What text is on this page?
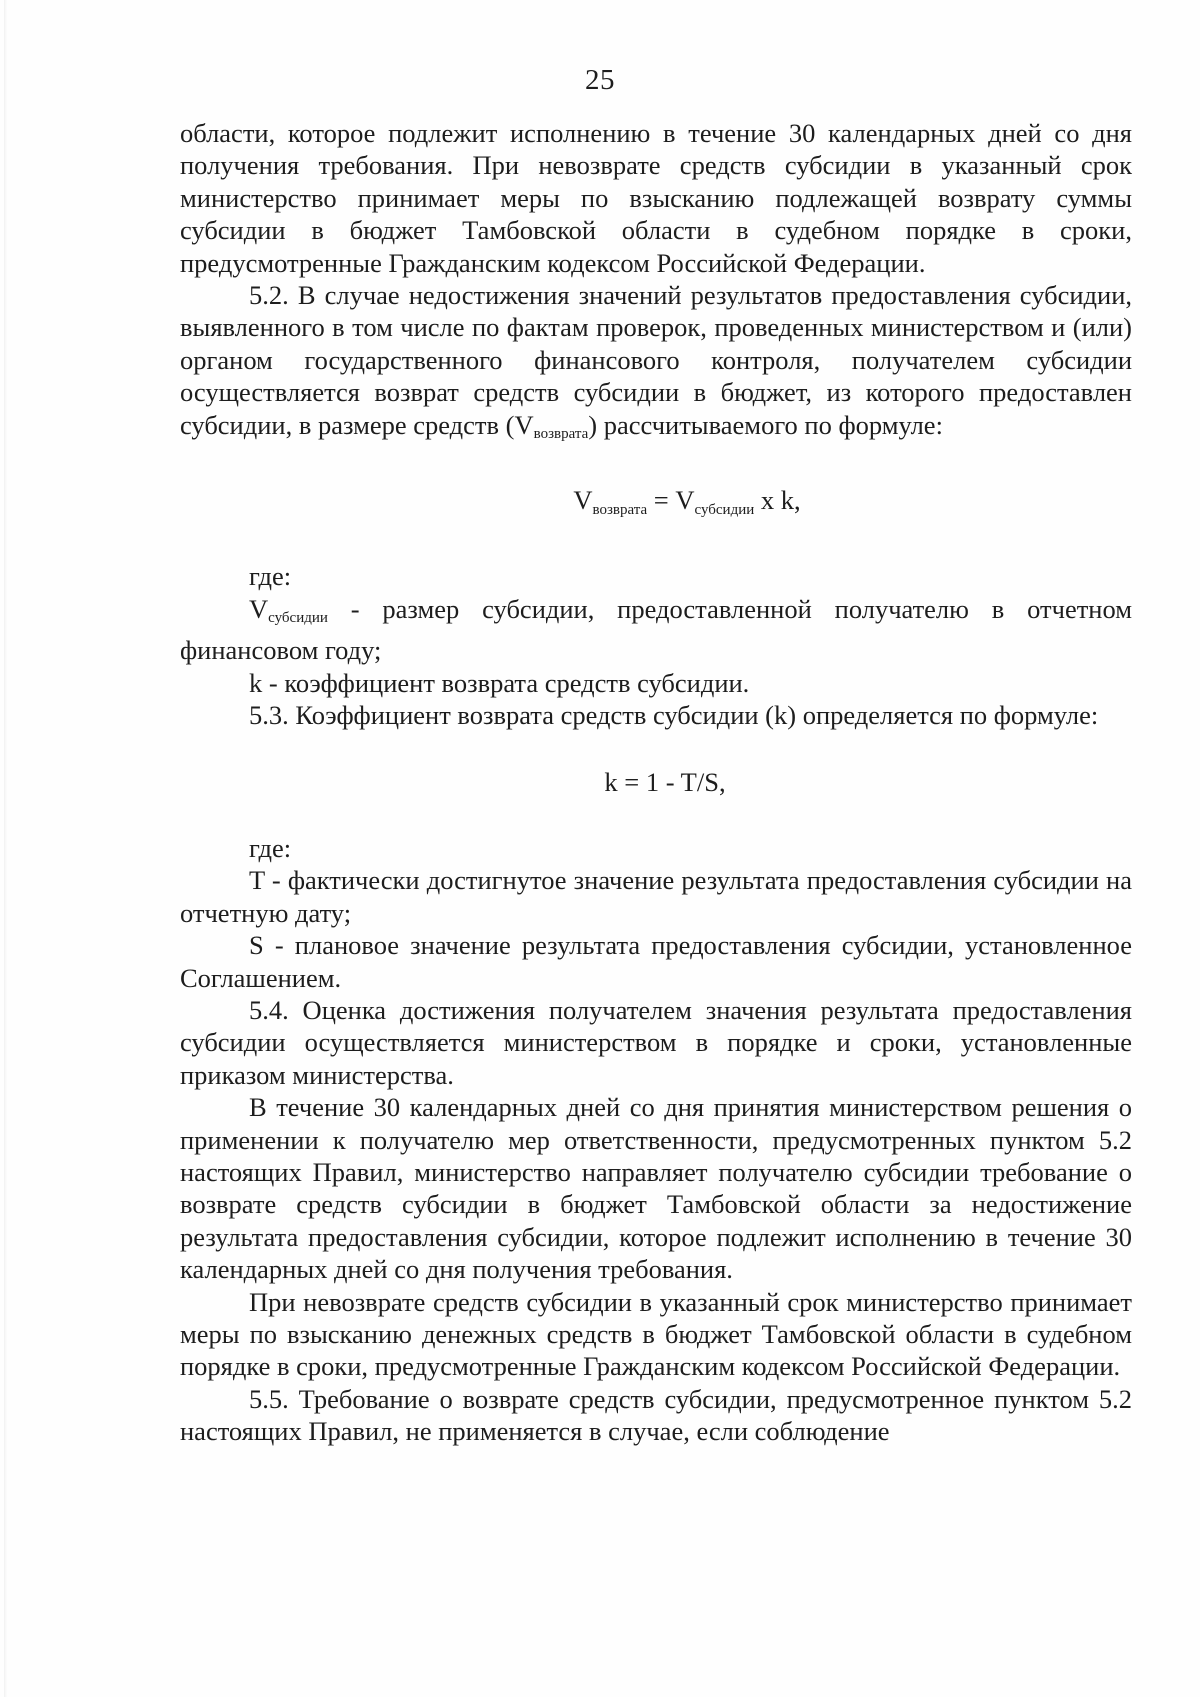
25

области, которое подлежит исполнению в течение 30 календарных дней со дня получения требования. При невозврате средств субсидии в указанный срок министерство принимает меры по взысканию подлежащей возврату суммы субсидии в бюджет Тамбовской области в судебном порядке в сроки, предусмотренные Гражданским кодексом Российской Федерации.

5.2. В случае недостижения значений результатов предоставления субсидии, выявленного в том числе по фактам проверок, проведенных министерством и (или) органом государственного финансового контроля, получателем субсидии осуществляется возврат средств субсидии в бюджет, из которого предоставлен субсидии, в размере средств (Vвозврата) рассчитываемого по формуле:

$V_{возврата} = V_{субсидии}$ x k,

где:

Vсубсидии - размер субсидии, предоставленной получателю в отчетном финансовом году;

k - коэффициент возврата средств субсидии.

5.3. Коэффициент возврата средств субсидии (k) определяется по формуле:

k = 1 - T/S,

где:

T - фактически достигнутое значение результата предоставления субсидии на отчетную дату;

S - плановое значение результата предоставления субсидии, установленное Соглашением.

5.4. Оценка достижения получателем значения результата предоставления субсидии осуществляется министерством в порядке и сроки, установленные приказом министерства.

В течение 30 календарных дней со дня принятия министерством решения о применении к получателю мер ответственности, предусмотренных пунктом 5.2 настоящих Правил, министерство направляет получателю субсидии требование о возврате средств субсидии в бюджет Тамбовской области за недостижение результата предоставления субсидии, которое подлежит исполнению в течение 30 календарных дней со дня получения требования.

При невозврате средств субсидии в указанный срок министерство принимает меры по взысканию денежных средств в бюджет Тамбовской области в судебном порядке в сроки, предусмотренные Гражданским кодексом Российской Федерации.

5.5. Требование о возврате средств субсидии, предусмотренное пунктом 5.2 настоящих Правил, не применяется в случае, если соблюдение
